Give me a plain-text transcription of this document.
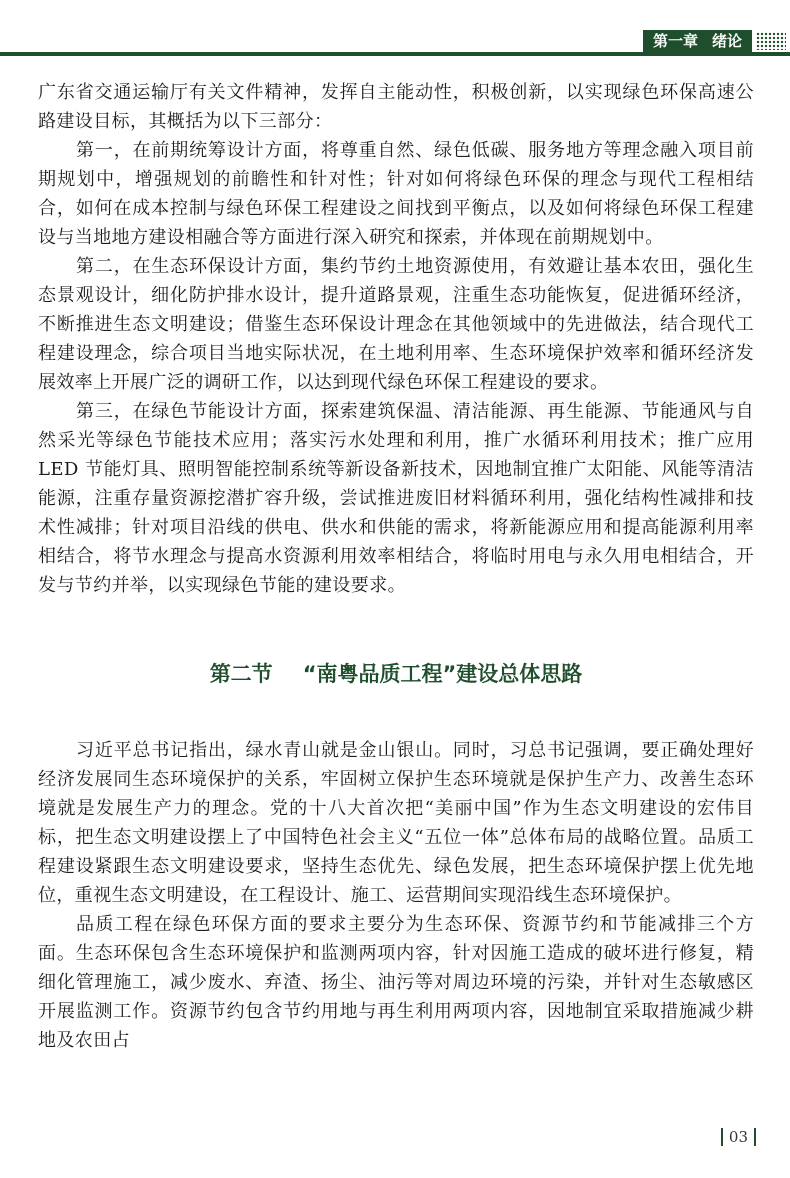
第一章 绪论

广东省交通运输厅有关文件精神，发挥自主能动性，积极创新，以实现绿色环保高速公路建设目标，其概括为以下三部分：

第一，在前期统筹设计方面，将尊重自然、绿色低碳、服务地方等理念融入项目前期规划中，增强规划的前瞻性和针对性；针对如何将绿色环保的理念与现代工程相结合，如何在成本控制与绿色环保工程建设之间找到平衡点，以及如何将绿色环保工程建设与当地地方建设相融合等方面进行深入研究和探索，并体现在前期规划中。

第二，在生态环保设计方面，集约节约土地资源使用，有效避让基本农田，强化生态景观设计，细化防护排水设计，提升道路景观，注重生态功能恢复，促进循环经济，不断推进生态文明建设；借鉴生态环保设计理念在其他领域中的先进做法，结合现代工程建设理念，综合项目当地实际状况，在土地利用率、生态环境保护效率和循环经济发展效率上开展广泛的调研工作，以达到现代绿色环保工程建设的要求。

第三，在绿色节能设计方面，探索建筑保温、清洁能源、再生能源、节能通风与自然采光等绿色节能技术应用；落实污水处理和利用，推广水循环利用技术；推广应用 LED 节能灯具、照明智能控制系统等新设备新技术，因地制宜推广太阳能、风能等清洁能源，注重存量资源挖潜扩容升级，尝试推进废旧材料循环利用，强化结构性减排和技术性减排；针对项目沿线的供电、供水和供能的需求，将新能源应用和提高能源利用率相结合，将节水理念与提高水资源利用效率相结合，将临时用电与永久用电相结合，开发与节约并举，以实现绿色节能的建设要求。

第二节 “南粤品质工程”建设总体思路

习近平总书记指出，绿水青山就是金山银山。同时，习总书记强调，要正确处理好经济发展同生态环境保护的关系，牢固树立保护生态环境就是保护生产力、改善生态环境就是发展生产力的理念。党的十八大首次把“美丽中国”作为生态文明建设的宏伟目标，把生态文明建设摆上了中国特色社会主义“五位一体”总体布局的战略位置。品质工程建设紧跟生态文明建设要求，坚持生态优先、绿色发展，把生态环境保护摆上优先地位，重视生态文明建设，在工程设计、施工、运营期间实现沿线生态环境保护。

品质工程在绿色环保方面的要求主要分为生态环保、资源节约和节能减排三个方面。生态环保包含生态环境保护和监测两项内容，针对因施工造成的破坏进行修复，精细化管理施工，减少废水、弃渣、扬尘、油污等对周边环境的污染，并针对生态敏感区开展监测工作。资源节约包含节约用地与再生利用两项内容，因地制宜采取措施减少耕地及农田占

03
